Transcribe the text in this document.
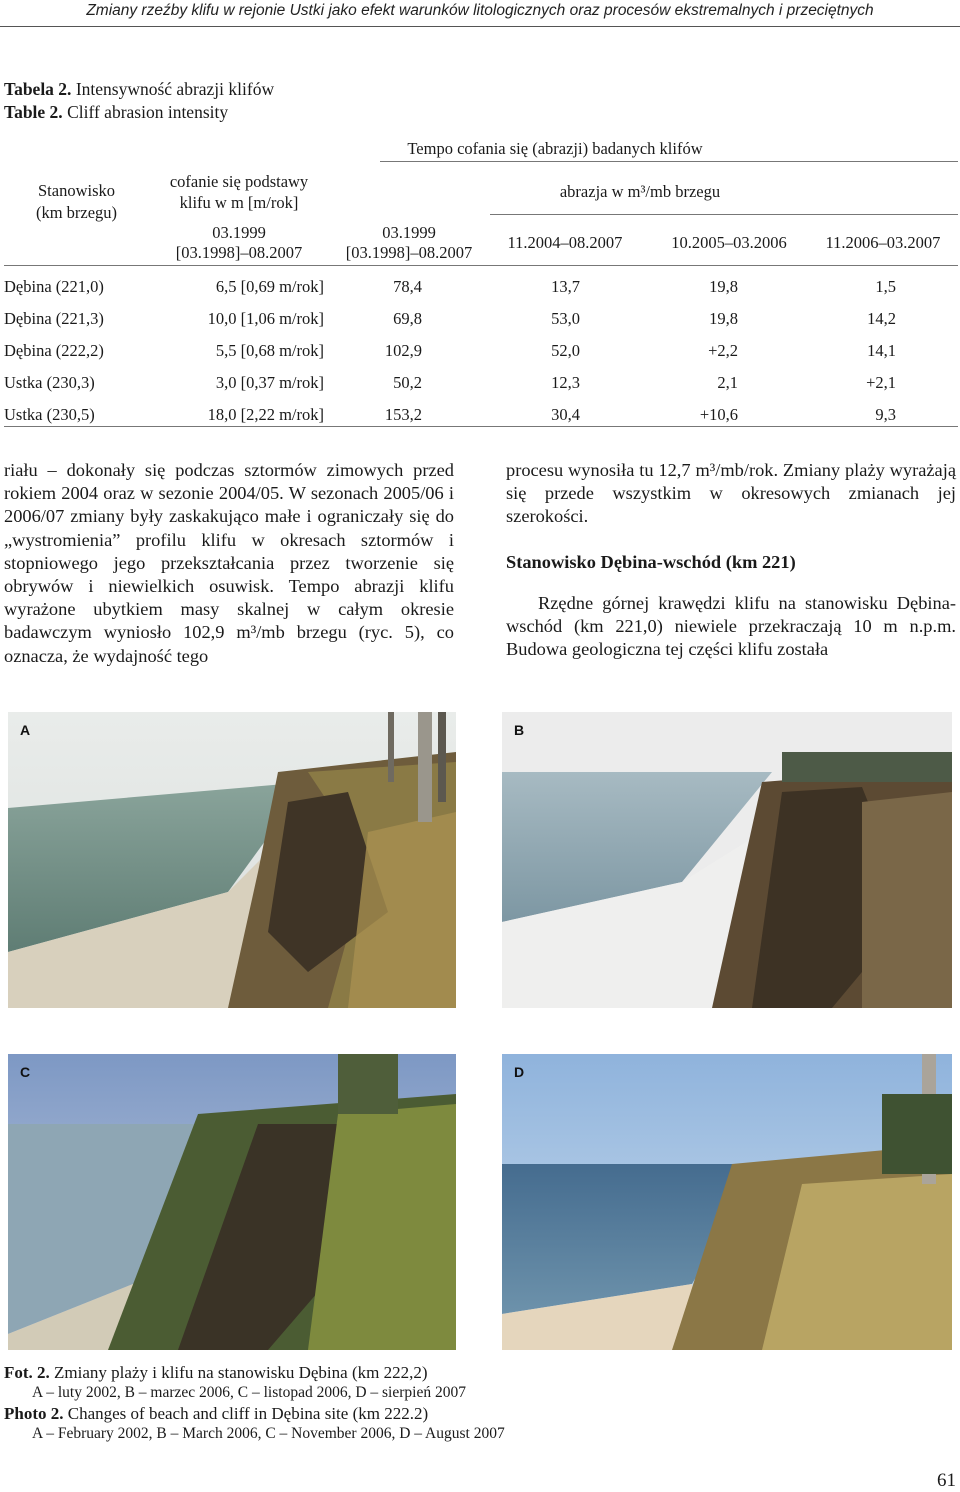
Zmiany rzeźby klifu w rejonie Ustki jako efekt warunków litologicznych oraz procesów ekstremalnych i przeciętnych
Tabela 2. Intensywność abrazji klifów
Table 2. Cliff abrasion intensity
Tempo cofania się (abrazji) badanych klifów
Stanowisko
(km brzegu)
cofanie się podstawy
klifu w m [m/rok]
abrazja w m³/mb brzegu
03.1999
[03.1998]–08.2007
03.1999
[03.1998]–08.2007
11.2004–08.2007	10.2005–03.2006	11.2006–03.2007
Dębina (221,0)	6,5 [0,69 m/rok]	78,4	13,7	19,8	1,5
Dębina (221,3)	10,0 [1,06 m/rok]	69,8	53,0	19,8	14,2
Dębina (222,2)	5,5 [0,68 m/rok]	102,9	52,0	+2,2	14,1
Ustka (230,3)	3,0 [0,37 m/rok]	50,2	12,3	2,1	+2,1
Ustka (230,5)	18,0 [2,22 m/rok]	153,2	30,4	+10,6	9,3

riału – dokonały się podczas sztormów zimowych przed rokiem 2004 oraz w sezonie 2004/05. W sezonach 2005/06 i 2006/07 zmiany były zaskakująco małe i ograniczały się do „wystromienia” profilu klifu w okresach sztormów i stopniowego jego przekształcania przez tworzenie się obrywów i niewielkich osuwisk. Tempo abrazji klifu wyrażone ubytkiem masy skalnej w całym okresie badawczym wyniosło 102,9 m³/mb brzegu (ryc. 5), co oznacza, że wydajność tego

procesu wynosiła tu 12,7 m³/mb/rok. Zmiany plaży wyrażają się przede wszystkim w okresowych zmianach jej szerokości.

Stanowisko Dębina-wschód (km 221)

Rzędne górnej krawędzi klifu na stanowisku Dębina-wschód (km 221,0) niewiele przekraczają 10 m n.p.m. Budowa geologiczna tej części klifu została

A	B
C	D
Fot. 2. Zmiany plaży i klifu na stanowisku Dębina (km 222,2)
A – luty 2002, B – marzec 2006, C – listopad 2006, D – sierpień 2007
Photo 2. Changes of beach and cliff in Dębina site (km 222.2)
A – February 2002, B – March 2006, C – November 2006, D – August 2007
61
